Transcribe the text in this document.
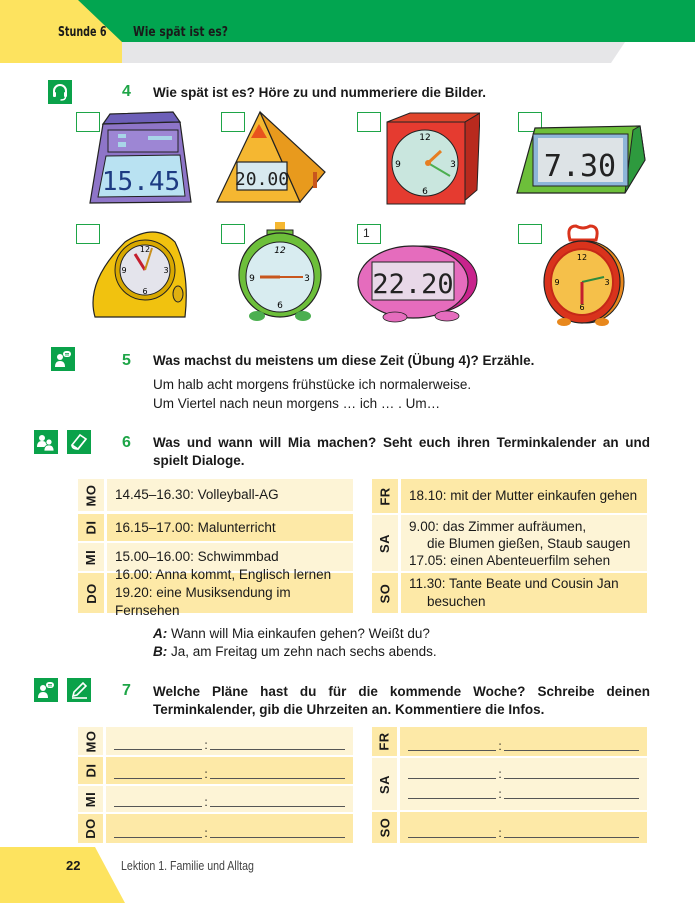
Stunde 6 Wie spät ist es?
4 Wie spät ist es? Höre zu und nummeriere die Bilder.
1
15.45	20.00
12
3
6
9	7.30
12
3
6
9
12
3
6
9	22.20
12
3
6
9
5 Was machst du meistens um diese Zeit (Übung 4)? Erzähle.
Um halb acht morgens frühstücke ich normalerweise.
Um Viertel nach neun morgens … ich … . Um…
6 Was und wann will Mia machen? Seht euch ihren Terminkalender an und spielt Dialoge.
MO 14.45–16.30: Volleyball-AG
DI 16.15–17.00: Malunterricht
MI 15.00–16.00: Schwimmbad
DO
16.00: Anna kommt, Englisch lernen
19.20: eine Musiksendung im Fernsehen
FR 18.10: mit der Mutter einkaufen gehen
SA
9.00: das Zimmer aufräumen,
die Blumen gießen, Staub saugen
17.05: einen Abenteuerfilm sehen
SO 11.30: Tante Beate und Cousin Jan
besuchen
A: Wann will Mia einkaufen gehen? Weißt du?
B: Ja, am Freitag um zehn nach sechs abends.
7 Welche Pläne hast du für die kommende Woche? Schreibe deinen Terminkalender, gib die Uhrzeiten an. Kommentiere die Infos.
MO	:
DI	:
MI	:
DO	:
FR	:
SA
:
:
SO	:
22	Lektion 1. Familie und Alltag
